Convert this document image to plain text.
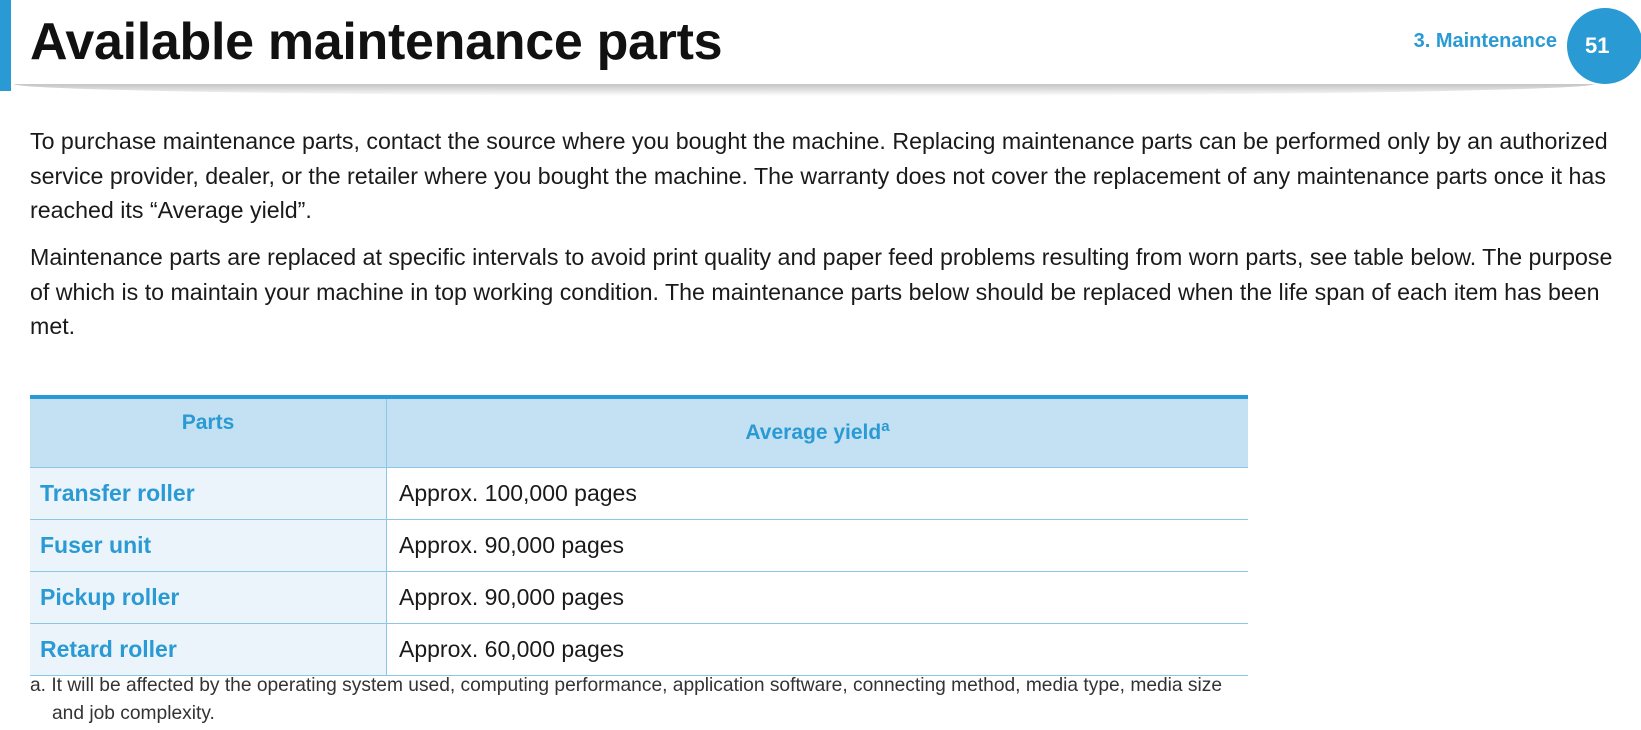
Available maintenance parts	3. Maintenance	51

To purchase maintenance parts, contact the source where you bought the machine. Replacing maintenance parts can be performed only by an authorized service provider, dealer, or the retailer where you bought the machine. The warranty does not cover the replacement of any maintenance parts once it has reached its “Average yield”.

Maintenance parts are replaced at specific intervals to avoid print quality and paper feed problems resulting from worn parts, see table below. The purpose of which is to maintain your machine in top working condition. The maintenance parts below should be replaced when the life span of each item has been met.

Parts	Average yield$^a$
Transfer roller	Approx. 100,000 pages
Fuser unit	Approx. 90,000 pages
Pickup roller	Approx. 90,000 pages
Retard roller	Approx. 60,000 pages

a. It will be affected by the operating system used, computing performance, application software, connecting method, media type, media size and job complexity.
